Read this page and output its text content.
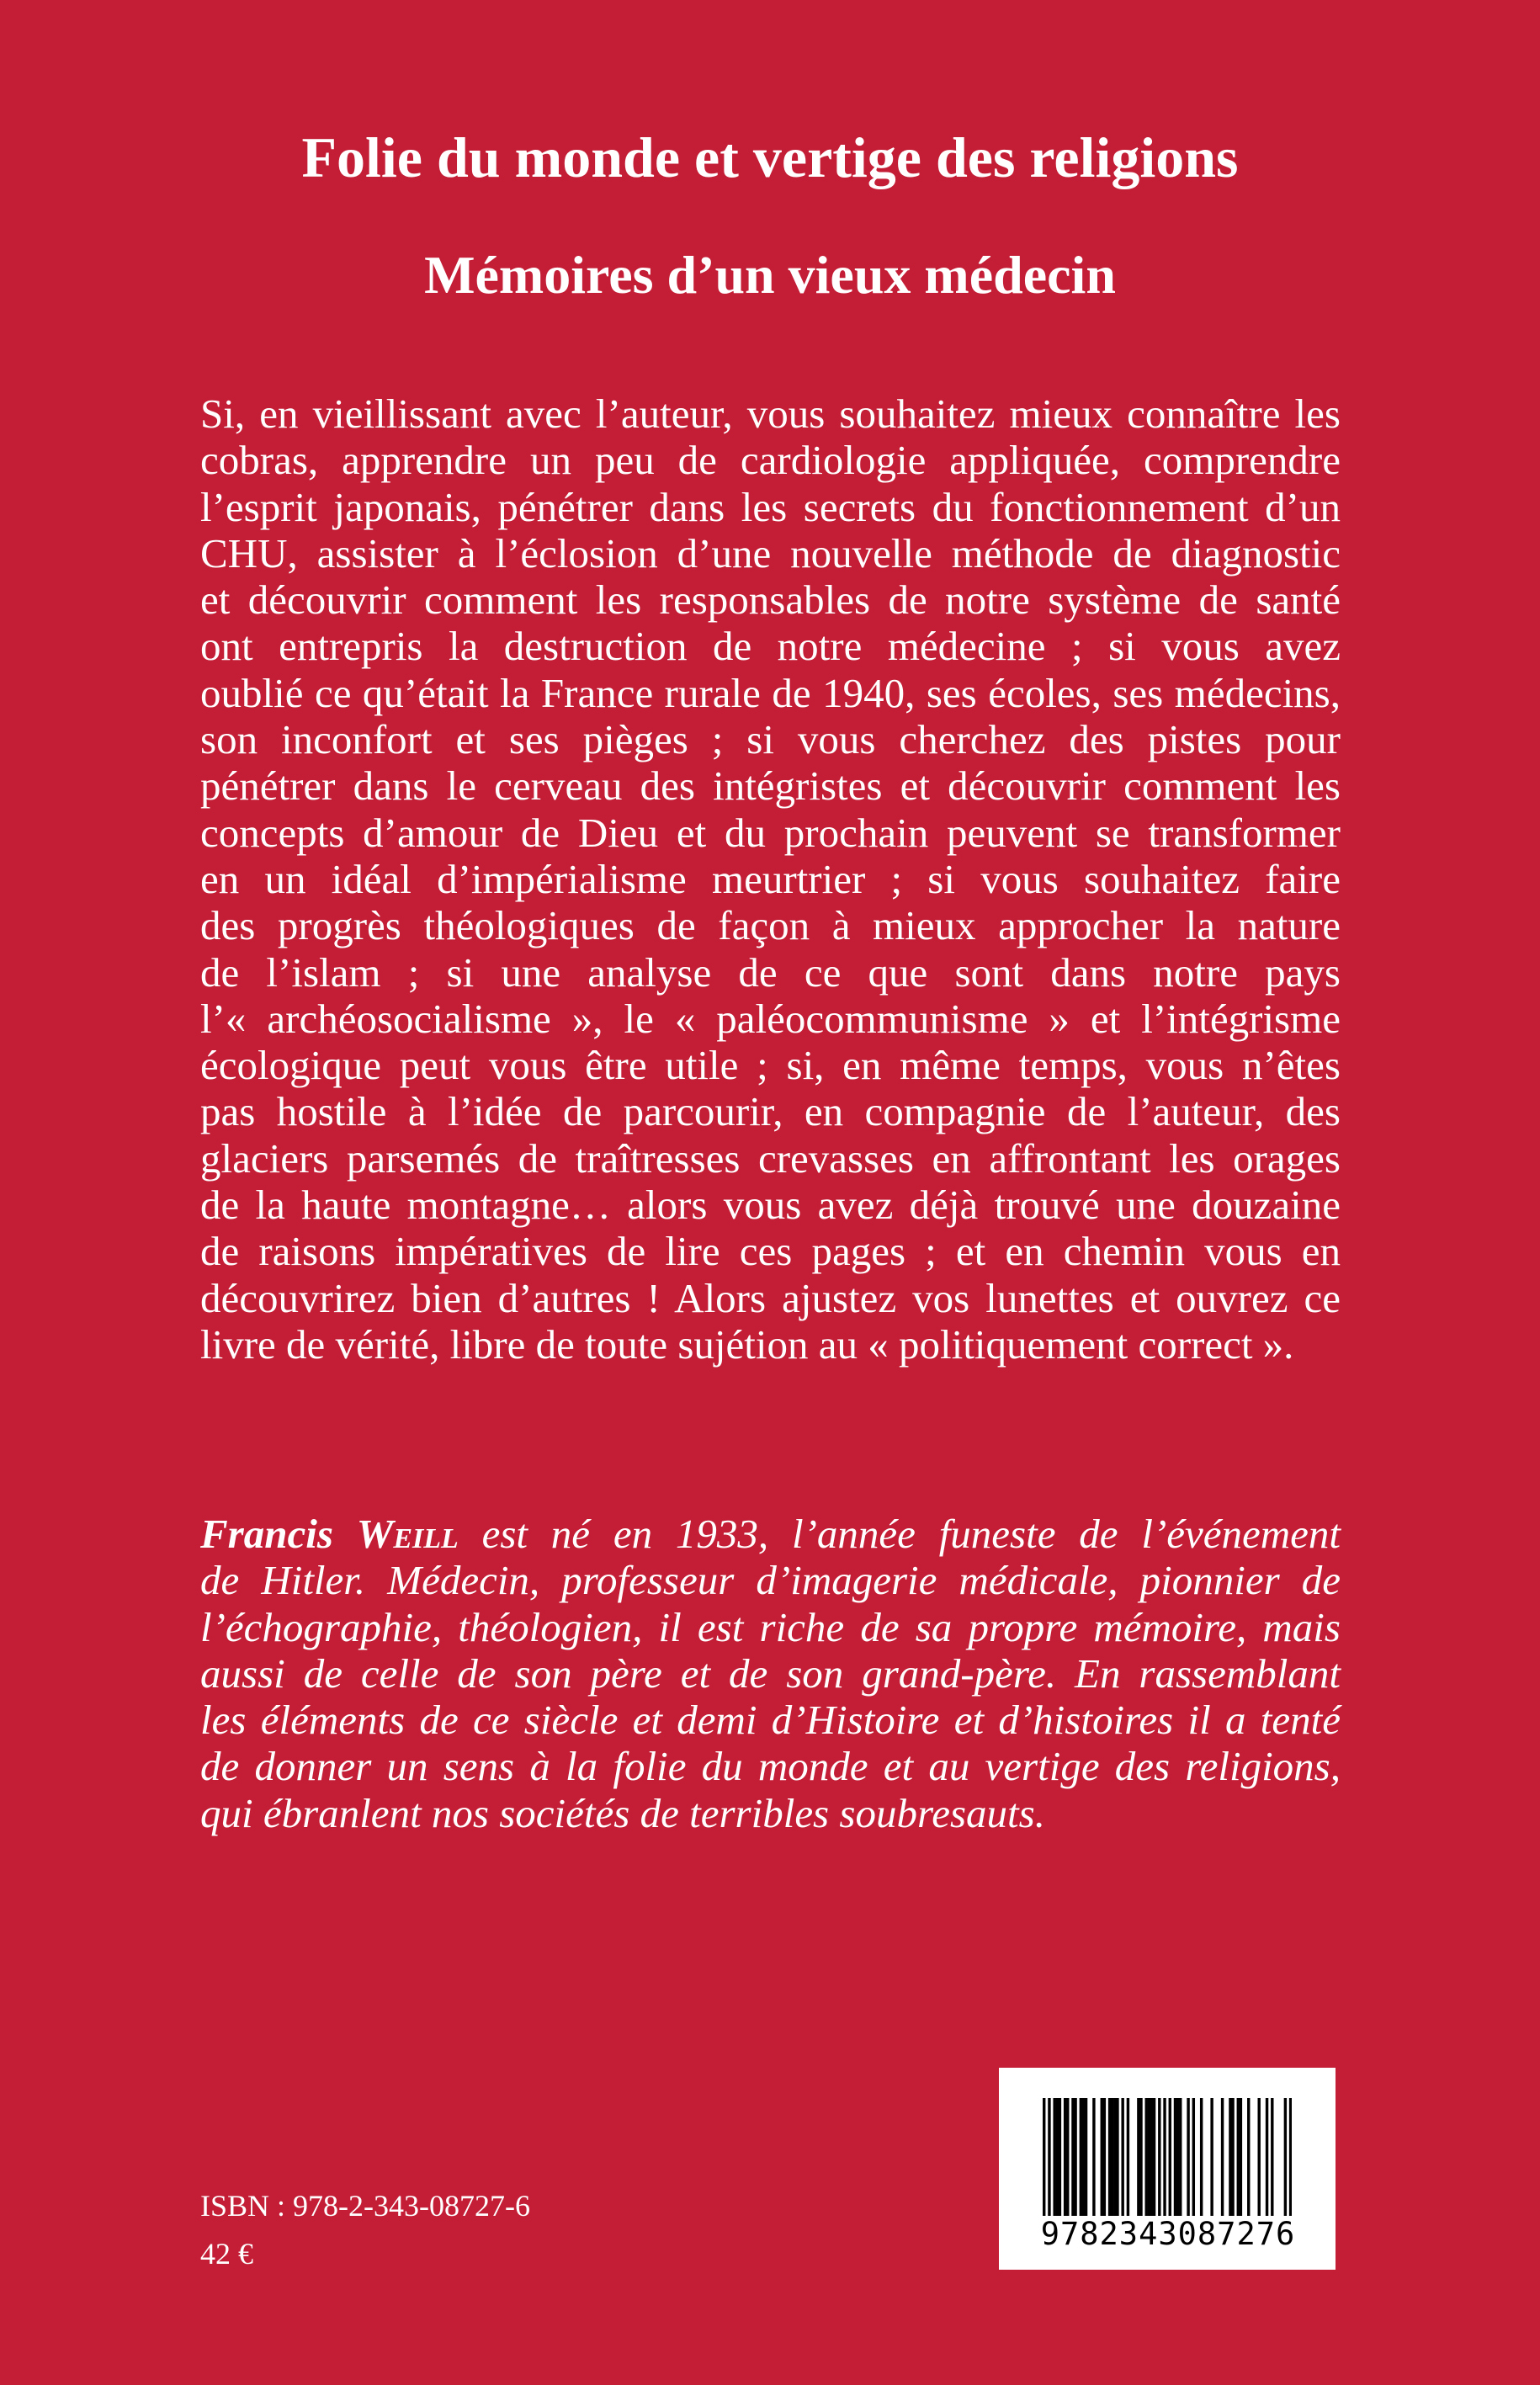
Folie du monde et vertige des religions
Mémoires d’un vieux médecin
Si, en vieillissant avec l’auteur, vous souhaitez mieux connaître les
cobras, apprendre un peu de cardiologie appliquée, comprendre
l’esprit japonais, pénétrer dans les secrets du fonctionnement d’un
CHU, assister à l’éclosion d’une nouvelle méthode de diagnostic
et découvrir comment les responsables de notre système de santé
ont entrepris la destruction de notre médecine ; si vous avez
oublié ce qu’était la France rurale de 1940, ses écoles, ses médecins,
son inconfort et ses pièges ; si vous cherchez des pistes pour
pénétrer dans le cerveau des intégristes et découvrir comment les
concepts d’amour de Dieu et du prochain peuvent se transformer
en un idéal d’impérialisme meurtrier ; si vous souhaitez faire
des progrès théologiques de façon à mieux approcher la nature
de l’islam ; si une analyse de ce que sont dans notre pays
l’« archéosocialisme », le « paléocommunisme » et l’intégrisme
écologique peut vous être utile ; si, en même temps, vous n’êtes
pas hostile à l’idée de parcourir, en compagnie de l’auteur, des
glaciers parsemés de traîtresses crevasses en affrontant les orages
de la haute montagne… alors vous avez déjà trouvé une douzaine
de raisons impératives de lire ces pages ; et en chemin vous en
découvrirez bien d’autres ! Alors ajustez vos lunettes et ouvrez ce
livre de vérité, libre de toute sujétion au « politiquement correct ».
Francis Weill est né en 1933, l’année funeste de l’événement
de Hitler. Médecin, professeur d’imagerie médicale, pionnier de
l’échographie, théologien, il est riche de sa propre mémoire, mais
aussi de celle de son père et de son grand-père. En rassemblant
les éléments de ce siècle et demi d’Histoire et d’histoires il a tenté
de donner un sens à la folie du monde et au vertige des religions,
qui ébranlent nos sociétés de terribles soubresauts.
ISBN : 978-2-343-08727-6
42 €
9782343087276
